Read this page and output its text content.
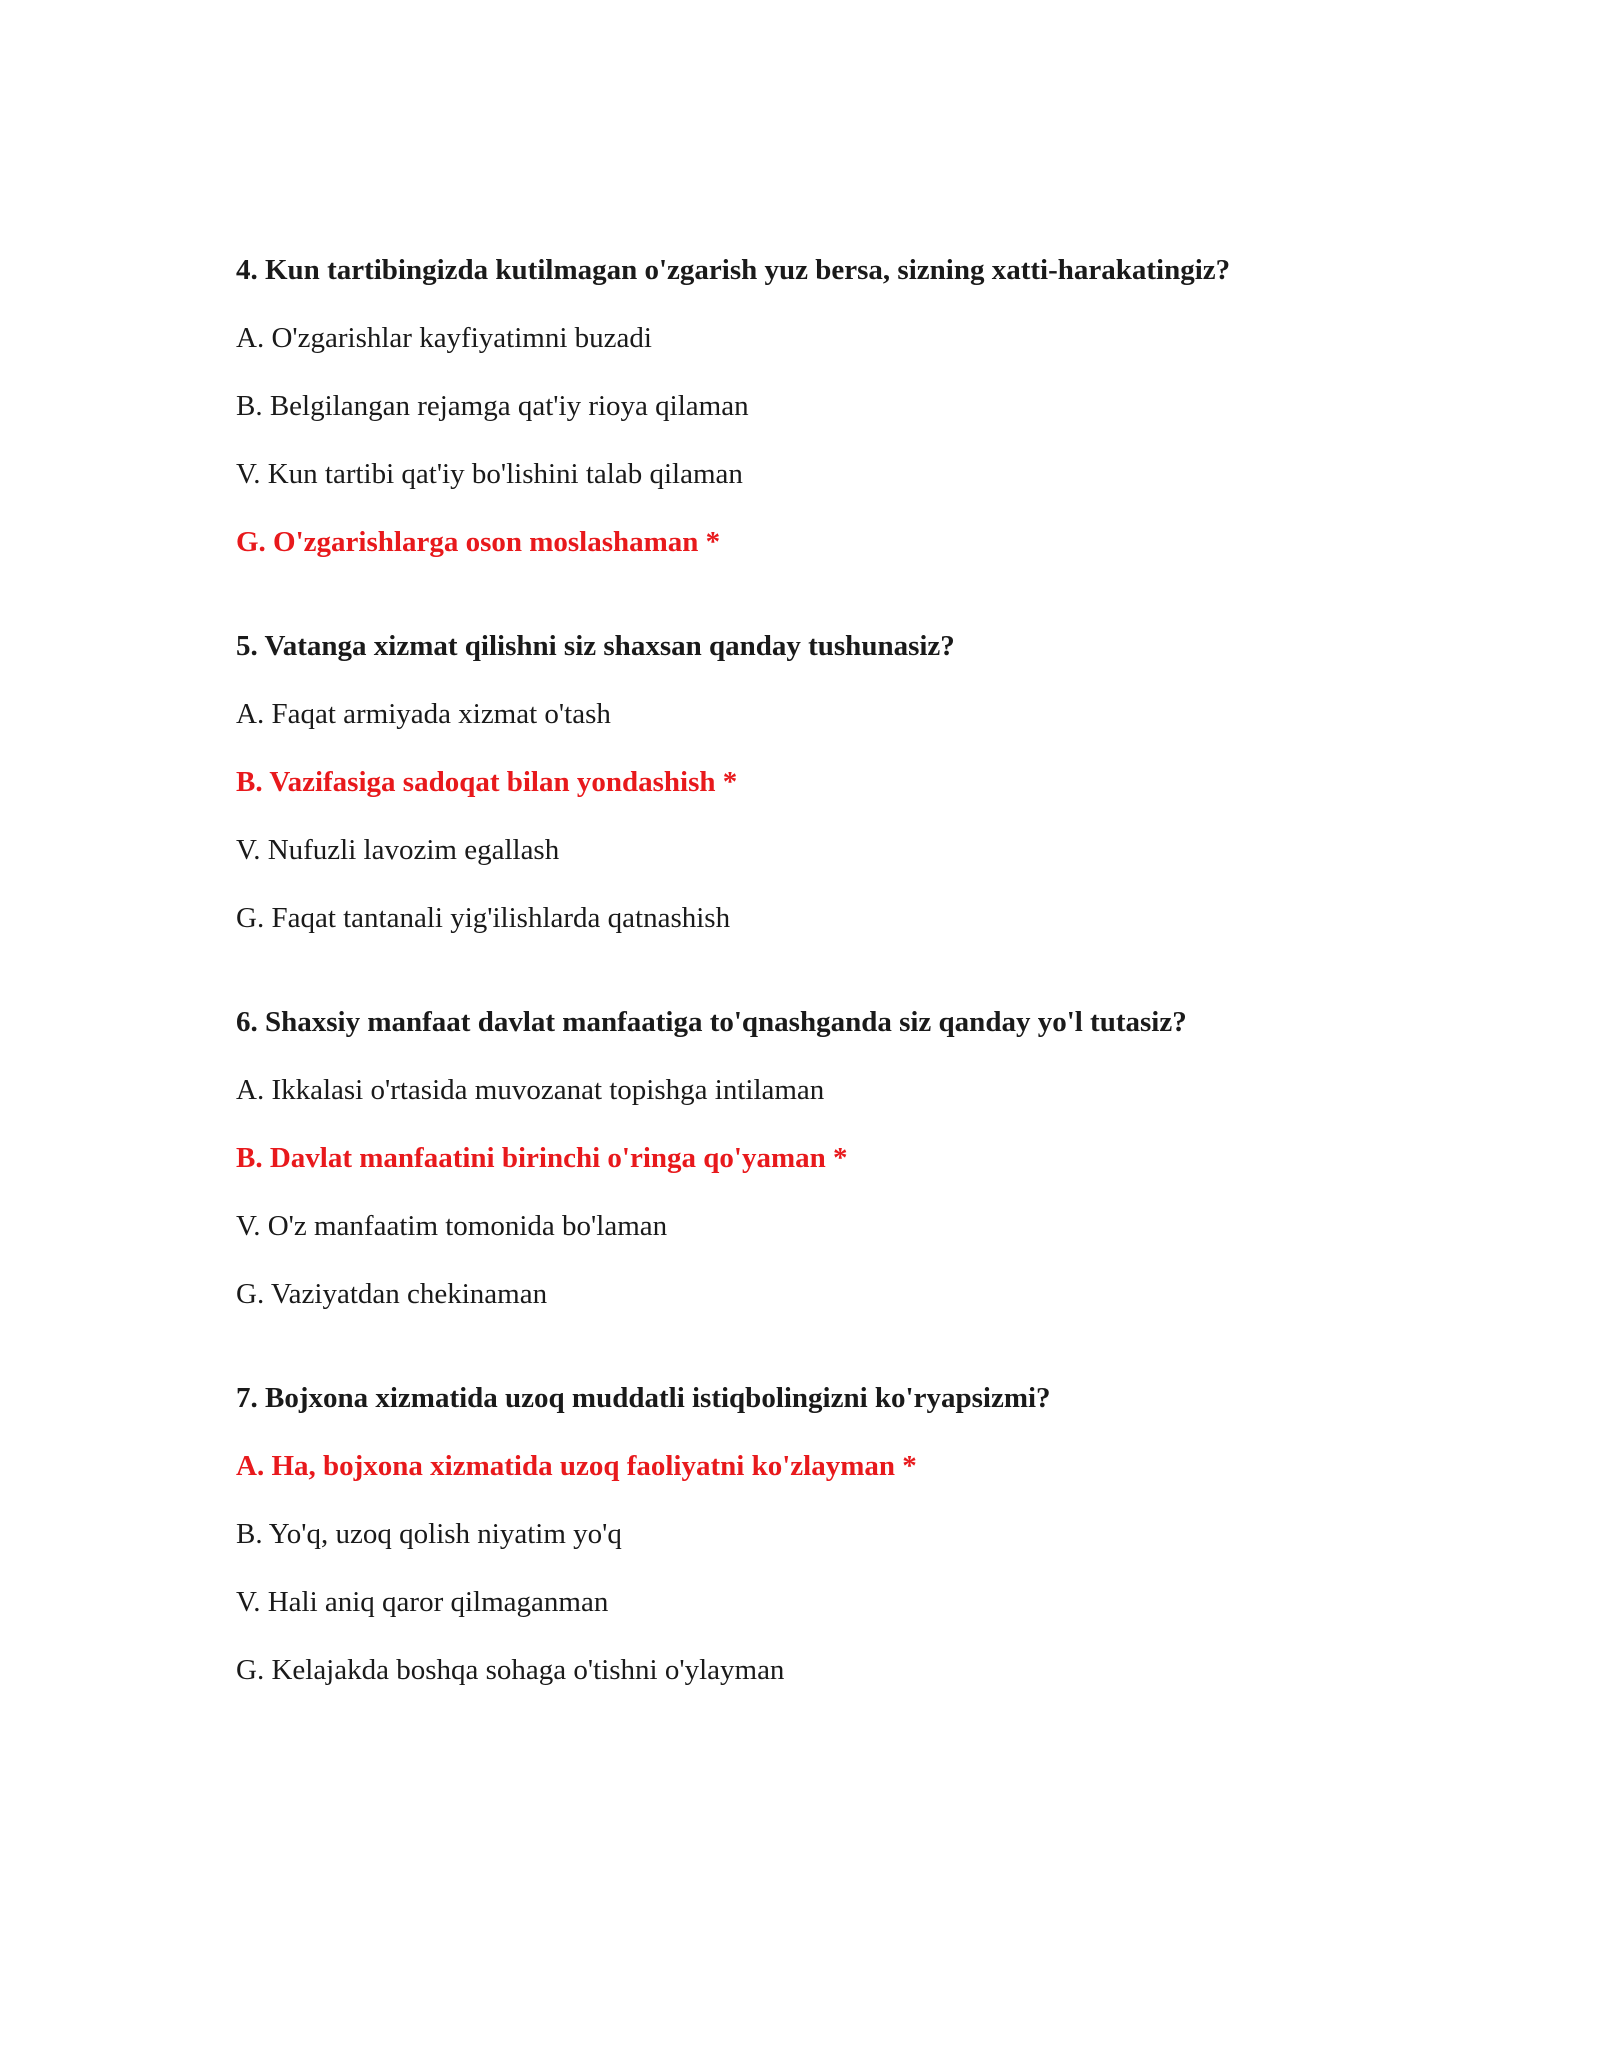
4. Kun tartibingizda kutilmagan o'zgarish yuz bersa, sizning xatti-harakatingiz?
A. O'zgarishlar kayfiyatimni buzadi
B. Belgilangan rejamga qat'iy rioya qilaman
V. Kun tartibi qat'iy bo'lishini talab qilaman
G. O'zgarishlarga oson moslashaman *
5. Vatanga xizmat qilishni siz shaxsan qanday tushunasiz?
A. Faqat armiyada xizmat o'tash
B. Vazifasiga sadoqat bilan yondashish *
V. Nufuzli lavozim egallash
G. Faqat tantanali yig'ilishlarda qatnashish
6. Shaxsiy manfaat davlat manfaatiga to'qnashganda siz qanday yo'l tutasiz?
A. Ikkalasi o'rtasida muvozanat topishga intilaman
B. Davlat manfaatini birinchi o'ringa qo'yaman *
V. O'z manfaatim tomonida bo'laman
G. Vaziyatdan chekinaman
7. Bojxona xizmatida uzoq muddatli istiqbolingizni ko'ryapsizmi?
A. Ha, bojxona xizmatida uzoq faoliyatni ko'zlayman *
B. Yo'q, uzoq qolish niyatim yo'q
V. Hali aniq qaror qilmaganman
G. Kelajakda boshqa sohaga o'tishni o'ylayman
